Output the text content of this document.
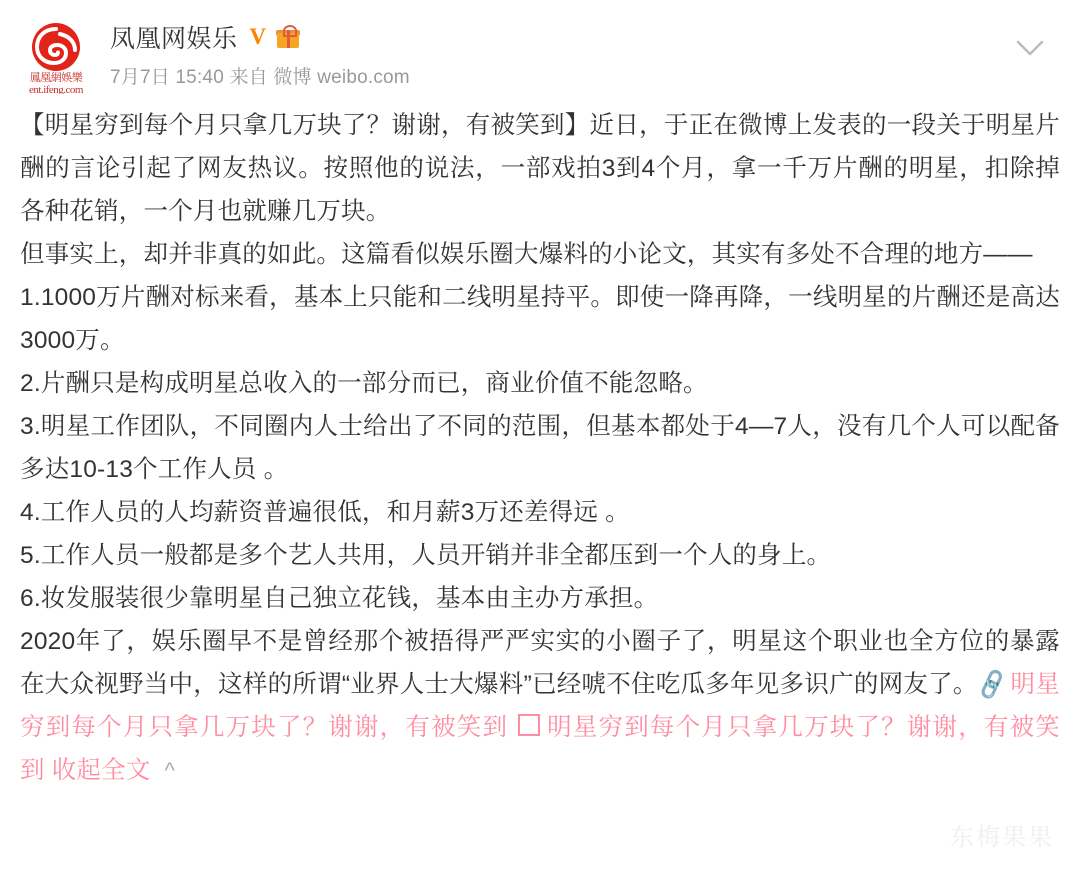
鳳凰網娛樂
ent.ifeng.com
凤凰网娱乐 V
7月7日 15:40 来自 微博 weibo.com

【明星穷到每个月只拿几万块了？谢谢，有被笑到】近日，于正在微博上发表的一段关于明星片酬的言论引起了网友热议。按照他的说法，一部戏拍3到4个月，拿一千万片酬的明星，扣除掉各种花销，一个月也就赚几万块。

但事实上，却并非真的如此。这篇看似娱乐圈大爆料的小论文，其实有多处不合理的地方——

1.1000万片酬对标来看，基本上只能和二线明星持平。即使一降再降，一线明星的片酬还是高达3000万。

2.片酬只是构成明星总收入的一部分而已，商业价值不能忽略。

3.明星工作团队，不同圈内人士给出了不同的范围，但基本都处于4—7人，没有几个人可以配备多达10-13个工作人员 。

4.工作人员的人均薪资普遍很低，和月薪3万还差得远 。

5.工作人员一般都是多个艺人共用，人员开销并非全都压到一个人的身上。

6.妆发服装很少靠明星自己独立花钱，基本由主办方承担。

2020年了，娱乐圈早不是曾经那个被捂得严严实实的小圈子了，明星这个职业也全方位的暴露在大众视野当中，这样的所谓“业界人士大爆料”已经唬不住吃瓜多年见多识广的网友了。🔗明星穷到每个月只拿几万块了？谢谢，有被笑到 明星穷到每个月只拿几万块了？谢谢，有被笑到 收起全文 ^

东梅果果
